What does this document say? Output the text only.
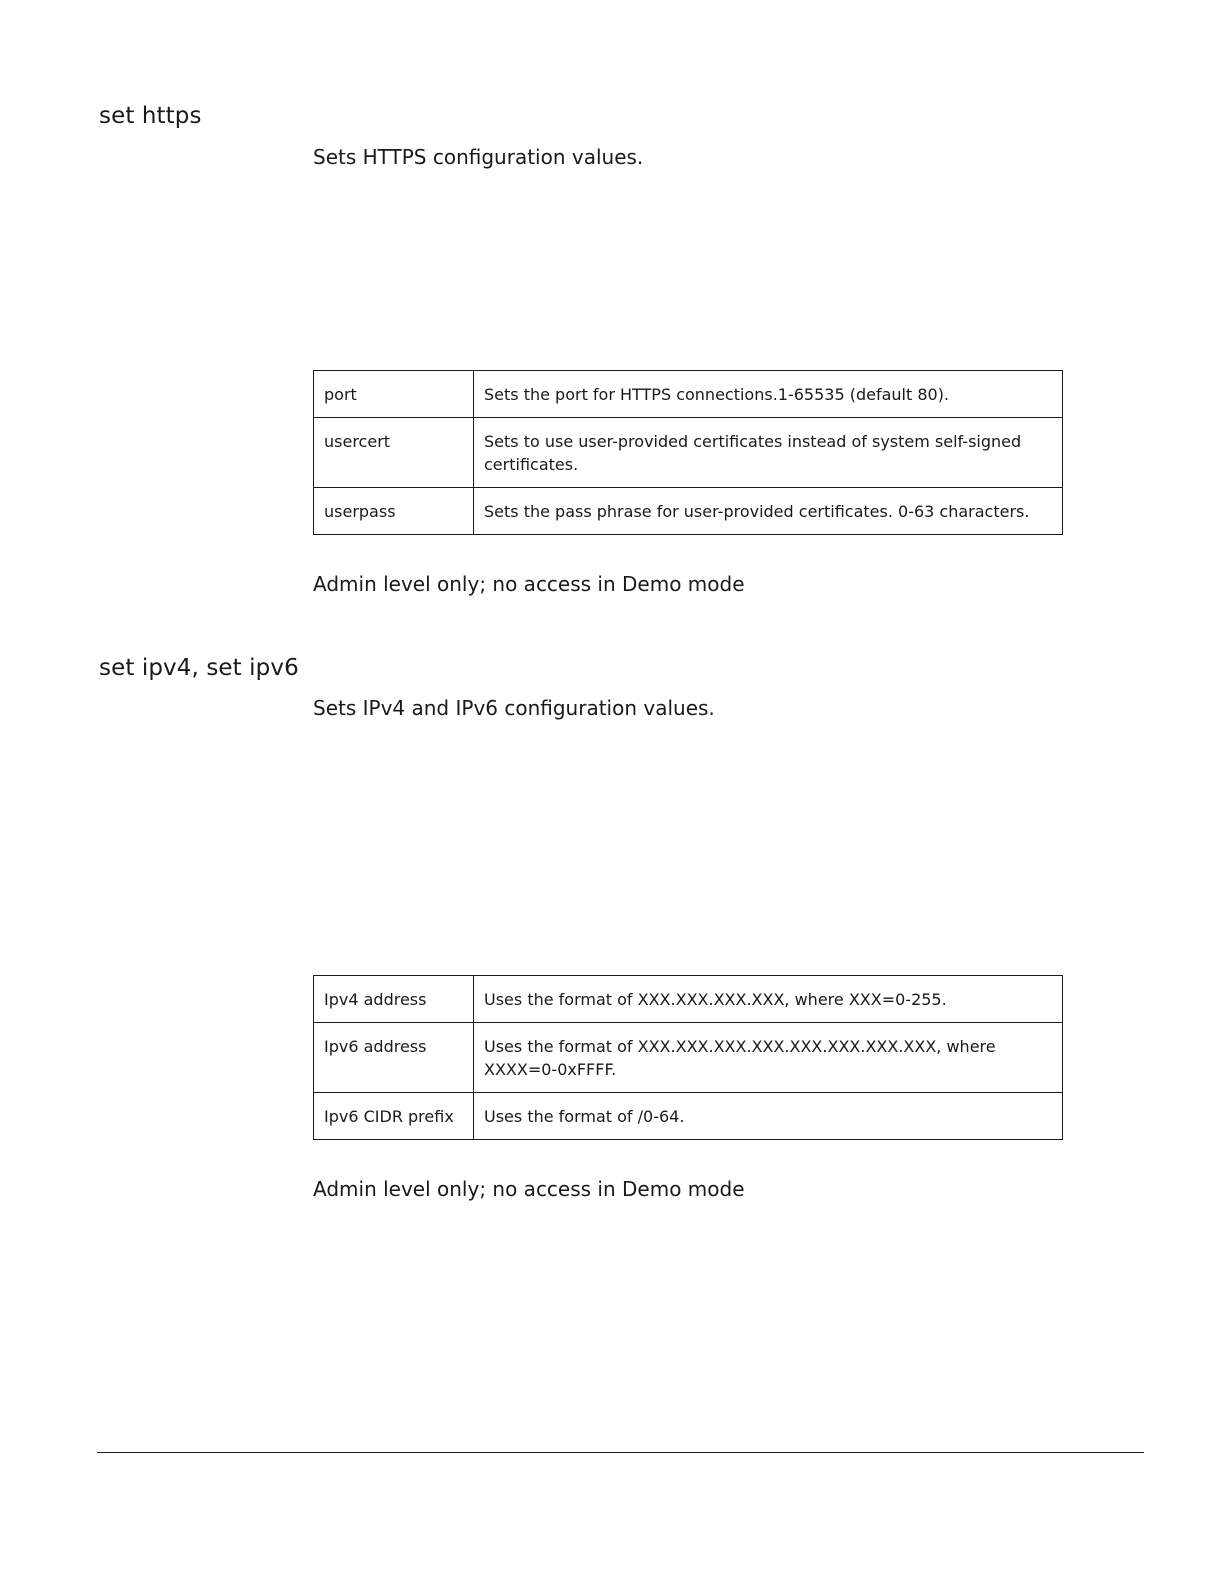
set https

Sets HTTPS configuration values.

port	Sets the port for HTTPS connections.1-65535 (default 80).
usercert	Sets to use user-provided certificates instead of system self-signed certificates.
userpass	Sets the pass phrase for user-provided certificates. 0-63 characters.

Admin level only; no access in Demo mode

set ipv4, set ipv6

Sets IPv4 and IPv6 configuration values.

Ipv4 address	Uses the format of XXX.XXX.XXX.XXX, where XXX=0-255.
Ipv6 address	Uses the format of XXX.XXX.XXX.XXX.XXX.XXX.XXX.XXX, where XXXX=0-0xFFFF.
Ipv6 CIDR prefix	Uses the format of /0-64.

Admin level only; no access in Demo mode
